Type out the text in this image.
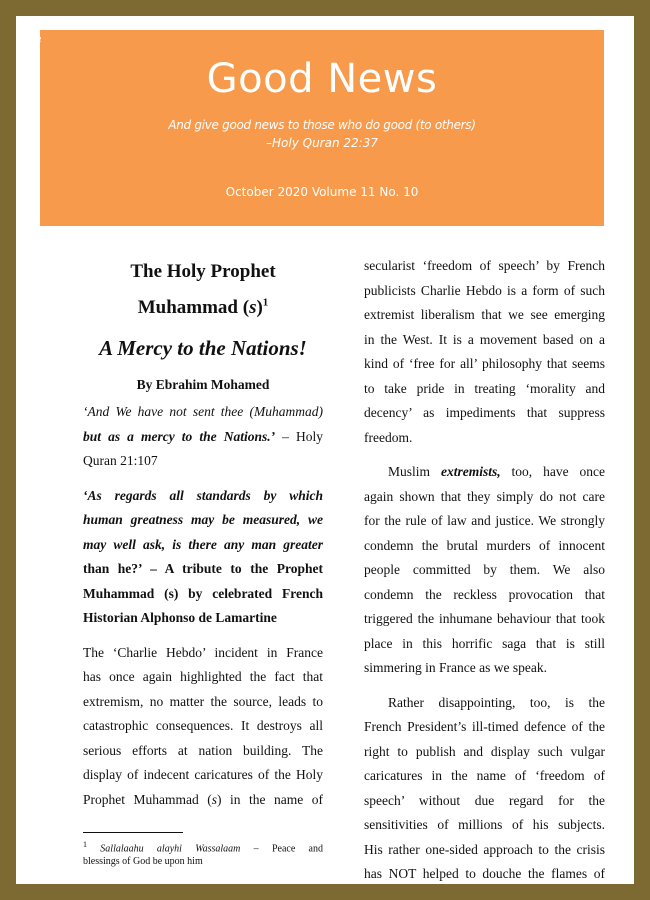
The
Good News
And give good news to those who do good (to others)
–Holy Quran 22:37
October 2020 Volume 11 No. 10
The Holy Prophet
Muhammad $(s)^1$
A Mercy to the Nations!
By Ebrahim Mohamed
‘And We have not sent thee (Muhammad)
but as a mercy to the Nations.’ – Holy
Quran 21:107
‘As regards all standards by which
human greatness may be measured, we
may well ask, is there any man greater
than he?’ – A tribute to the Prophet
Muhammad (s) by celebrated French
Historian Alphonso de Lamartine
The ‘Charlie Hebdo’ incident in France
has once again highlighted the fact that
extremism, no matter the source, leads to
catastrophic consequences. It destroys all
serious efforts at nation building. The
display of indecent caricatures of the Holy
Prophet Muhammad (s) in the name of
$^1$ Sallalaahu alayhi Wassalaam – Peace and
blessings of God be upon him
secularist ‘freedom of speech’ by French
publicists Charlie Hebdo is a form of such
extremist liberalism that we see emerging
in the West. It is a movement based on a
kind of ‘free for all’ philosophy that seems
to take pride in treating ‘morality and
decency’ as impediments that suppress
freedom.
Muslim extremists, too, have once
again shown that they simply do not care
for the rule of law and justice. We strongly
condemn the brutal murders of innocent
people committed by them. We also
condemn the reckless provocation that
triggered the inhumane behaviour that took
place in this horrific saga that is still
simmering in France as we speak.
Rather disappointing, too, is the
French President’s ill-timed defence of the
right to publish and display such vulgar
caricatures in the name of ‘freedom of
speech’ without due regard for the
sensitivities of millions of his subjects.
His rather one-sided approach to the crisis
has NOT helped to douche the flames of
